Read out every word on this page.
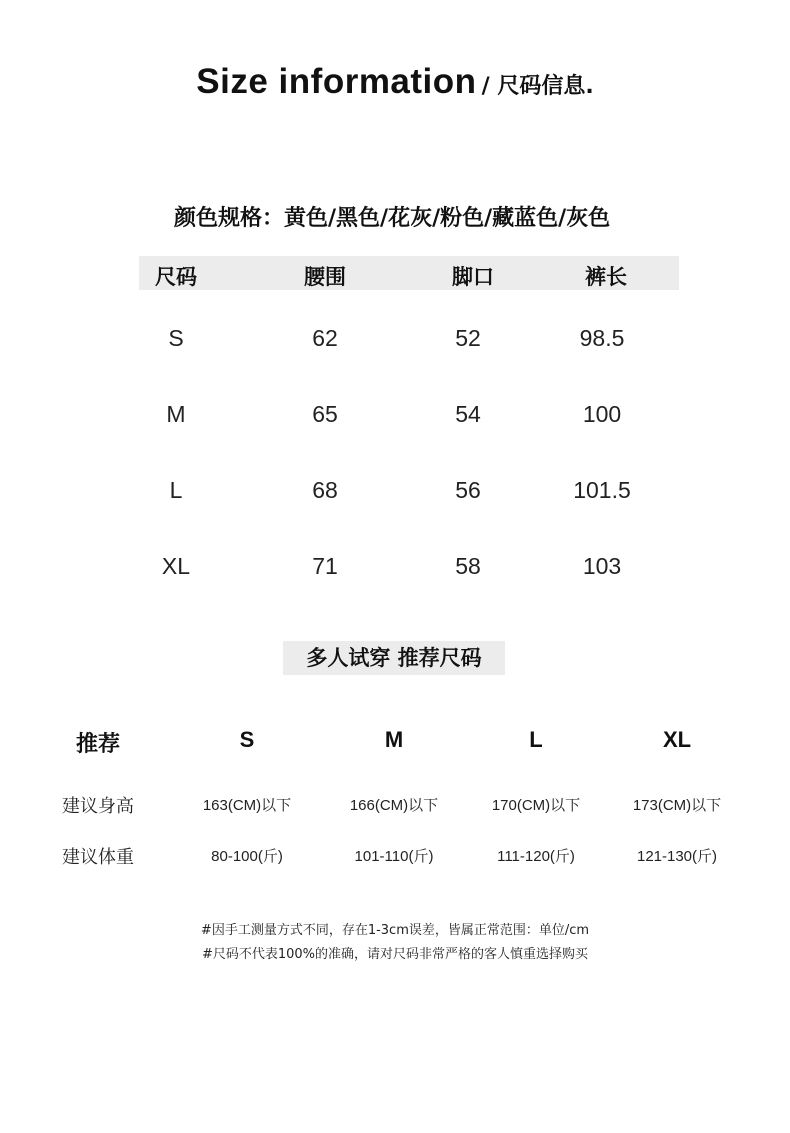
Size information / 尺码信息.
颜色规格：黄色/黑色/花灰/粉色/藏蓝色/灰色
尺码	腰围	脚口	裤长
S	62	52	98.5
M	65	54	100
L	68	56	101.5
XL	71	58	103
多人试穿 推荐尺码
推荐	S	M	L	XL
建议身高	163(CM)以下	166(CM)以下	170(CM)以下	173(CM)以下
建议体重	80-100(斤)	101-110(斤)	111-120(斤)	121-130(斤)
#因手工测量方式不同，存在1-3cm误差，皆属正常范围：单位/cm
#尺码不代表100%的准确，请对尺码非常严格的客人慎重选择购买
